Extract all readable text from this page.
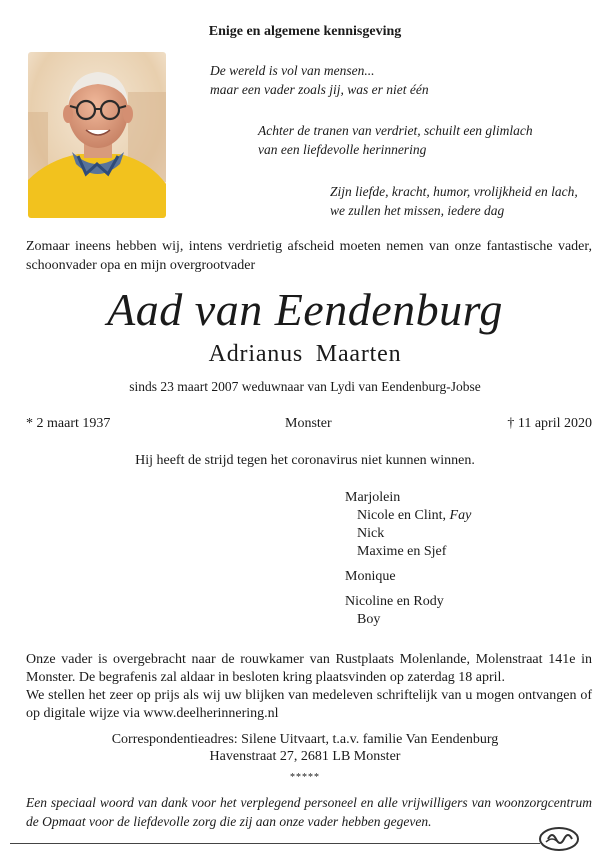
Enige en algemene kennisgeving
De wereld is vol van mensen...
maar een vader zoals jij, was er niet één
Achter de tranen van verdriet, schuilt een glimlach
van een liefdevolle herinnering
Zijn liefde, kracht, humor, vrolijkheid en lach,
we zullen het missen, iedere dag
Zomaar ineens hebben wij, intens verdrietig afscheid moeten nemen van onze fantastische vader, schoonvader opa en mijn overgrootvader
Aad van Eendenburg
Adrianus Maarten
sinds 23 maart 2007 weduwnaar van Lydi van Eendenburg-Jobse
* 2 maart 1937	Monster	† 11 april 2020
Hij heeft de strijd tegen het coronavirus niet kunnen winnen.
Marjolein
Nicole en Clint, Fay
Nick
Maxime en Sjef
Monique
Nicoline en Rody
Boy
Onze vader is overgebracht naar de rouwkamer van Rustplaats Molenlande, Molenstraat 141e in Monster. De begrafenis zal aldaar in besloten kring plaatsvinden op zaterdag 18 april.
We stellen het zeer op prijs als wij uw blijken van medeleven schriftelijk van u mogen ontvangen of op digitale wijze via www.deelherinnering.nl
Correspondentieadres: Silene Uitvaart, t.a.v. familie Van Eendenburg
Havenstraat 27, 2681 LB Monster
*****
Een speciaal woord van dank voor het verplegend personeel en alle vrijwilligers van woonzorgcentrum de Opmaat voor de liefdevolle zorg die zij aan onze vader hebben gegeven.
